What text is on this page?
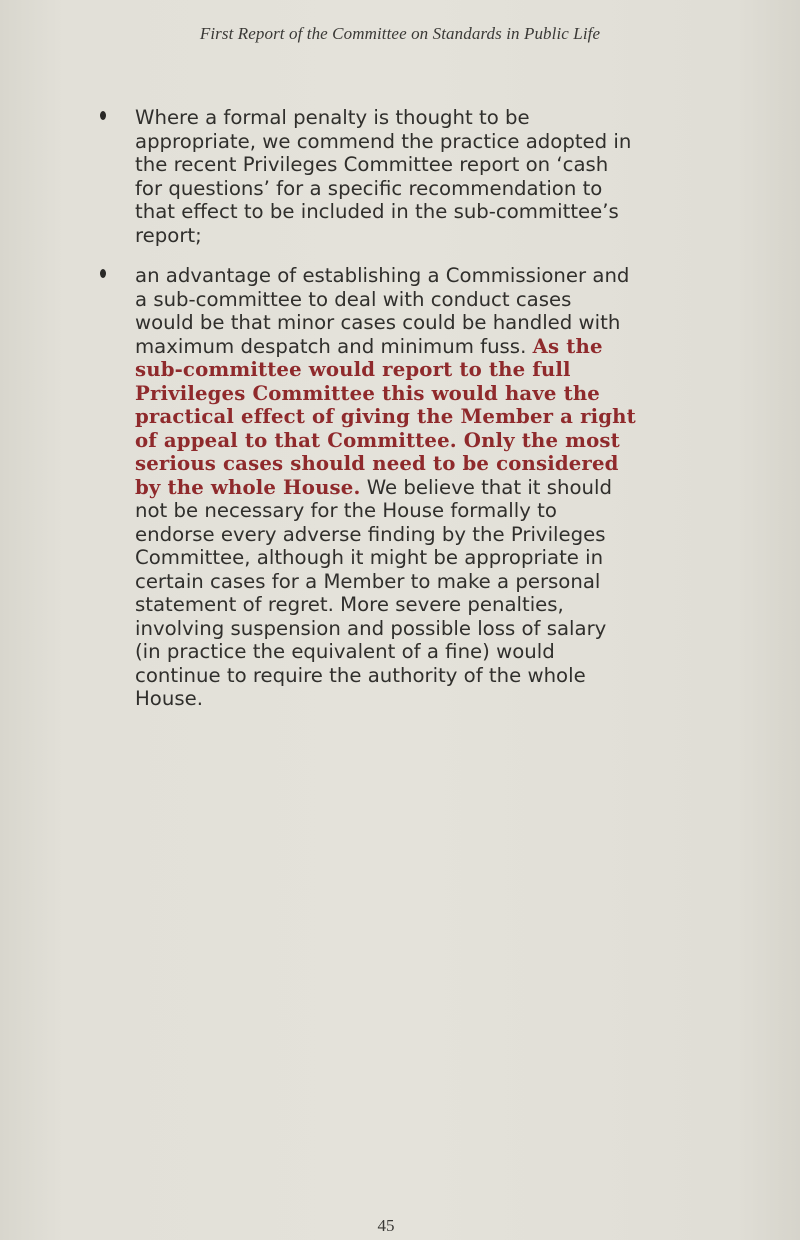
First Report of the Committee on Standards in Public Life
Where a formal penalty is thought to be appropriate, we commend the practice adopted in the recent Privileges Committee report on ‘cash for questions’ for a specific recommendation to that effect to be included in the sub-committee’s report;
an advantage of establishing a Commissioner and a sub-committee to deal with conduct cases would be that minor cases could be handled with maximum despatch and minimum fuss. As the sub-committee would report to the full Privileges Committee this would have the practical effect of giving the Member a right of appeal to that Committee. Only the most serious cases should need to be considered by the whole House. We believe that it should not be necessary for the House formally to endorse every adverse finding by the Privileges Committee, although it might be appropriate in certain cases for a Member to make a personal statement of regret. More severe penalties, involving suspension and possible loss of salary (in practice the equivalent of a fine) would continue to require the authority of the whole House.
45
